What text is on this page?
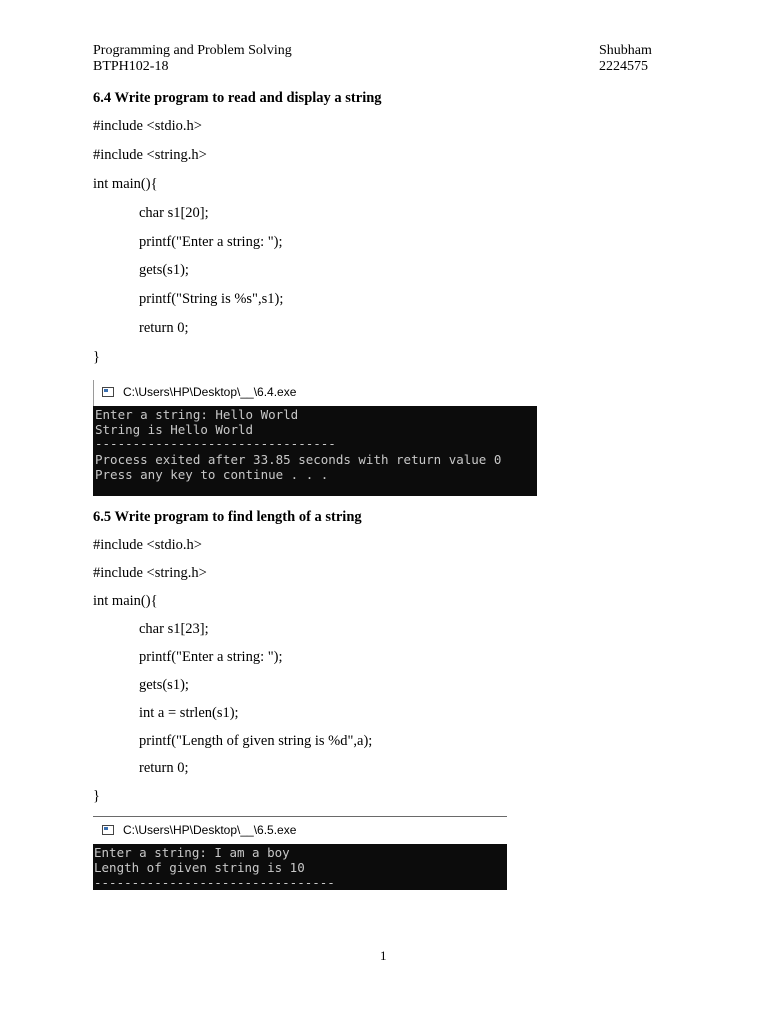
Programming and Problem Solving
BTPH102-18
Shubham
2224575
6.4 Write program to read and display a string
#include <stdio.h>
#include <string.h>
int main(){
char s1[20];
printf("Enter a string: ");
gets(s1);
printf("String is %s",s1);
return 0;
}
C:\Users\HP\Desktop\__\6.4.exe
Enter a string: Hello World
String is Hello World
--------------------------------
Process exited after 33.85 seconds with return value 0
Press any key to continue . . .
6.5 Write program to find length of a string
#include <stdio.h>
#include <string.h>
int main(){
char s1[23];
printf("Enter a string: ");
gets(s1);
int a = strlen(s1);
printf("Length of given string is %d",a);
return 0;
}
C:\Users\HP\Desktop\__\6.5.exe
Enter a string: I am a boy
Length of given string is 10
--------------------------------
1
